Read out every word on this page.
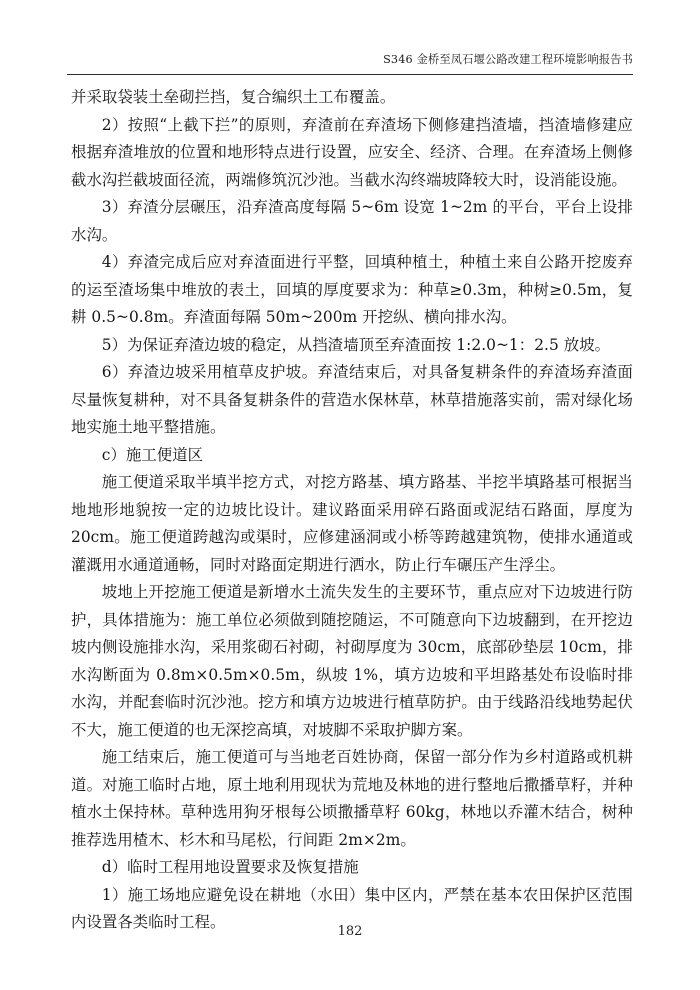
S346 金桥至凤石堰公路改建工程环境影响报告书

并采取袋装土垒砌拦挡，复合编织土工布覆盖。

2）按照“上截下拦”的原则，弃渣前在弃渣场下侧修建挡渣墙，挡渣墙修建应根据弃渣堆放的位置和地形特点进行设置，应安全、经济、合理。在弃渣场上侧修截水沟拦截坡面径流，两端修筑沉沙池。当截水沟终端坡降较大时，设消能设施。

3）弃渣分层碾压，沿弃渣高度每隔 5~6m 设宽 1~2m 的平台，平台上设排水沟。

4）弃渣完成后应对弃渣面进行平整，回填种植土，种植土来自公路开挖废弃的运至渣场集中堆放的表土，回填的厚度要求为：种草≥0.3m，种树≥0.5m，复耕 0.5~0.8m。弃渣面每隔 50m~200m 开挖纵、横向排水沟。

5）为保证弃渣边坡的稳定，从挡渣墙顶至弃渣面按 1:2.0~1：2.5 放坡。

6）弃渣边坡采用植草皮护坡。弃渣结束后，对具备复耕条件的弃渣场弃渣面尽量恢复耕种，对不具备复耕条件的营造水保林草，林草措施落实前，需对绿化场地实施土地平整措施。

c）施工便道区

施工便道采取半填半挖方式，对挖方路基、填方路基、半挖半填路基可根据当地地形地貌按一定的边坡比设计。建议路面采用碎石路面或泥结石路面，厚度为 20cm。施工便道跨越沟或渠时，应修建涵洞或小桥等跨越建筑物，使排水通道或灌溉用水通道通畅，同时对路面定期进行洒水，防止行车碾压产生浮尘。

坡地上开挖施工便道是新增水土流失发生的主要环节，重点应对下边坡进行防护，具体措施为：施工单位必须做到随挖随运，不可随意向下边坡翻到，在开挖边坡内侧设施排水沟，采用浆砌石衬砌，衬砌厚度为 30cm，底部砂垫层 10cm，排水沟断面为 0.8m×0.5m×0.5m，纵坡 1%，填方边坡和平坦路基处布设临时排水沟，并配套临时沉沙池。挖方和填方边坡进行植草防护。由于线路沿线地势起伏不大，施工便道的也无深挖高填，对坡脚不采取护脚方案。

施工结束后，施工便道可与当地老百姓协商，保留一部分作为乡村道路或机耕道。对施工临时占地，原土地利用现状为荒地及林地的进行整地后撒播草籽，并种植水土保持林。草种选用狗牙根每公顷撒播草籽 60kg，林地以乔灌木结合，树种推荐选用楂木、杉木和马尾松，行间距 2m×2m。

d）临时工程用地设置要求及恢复措施

1）施工场地应避免设在耕地（水田）集中区内，严禁在基本农田保护区范围内设置各类临时工程。

182
